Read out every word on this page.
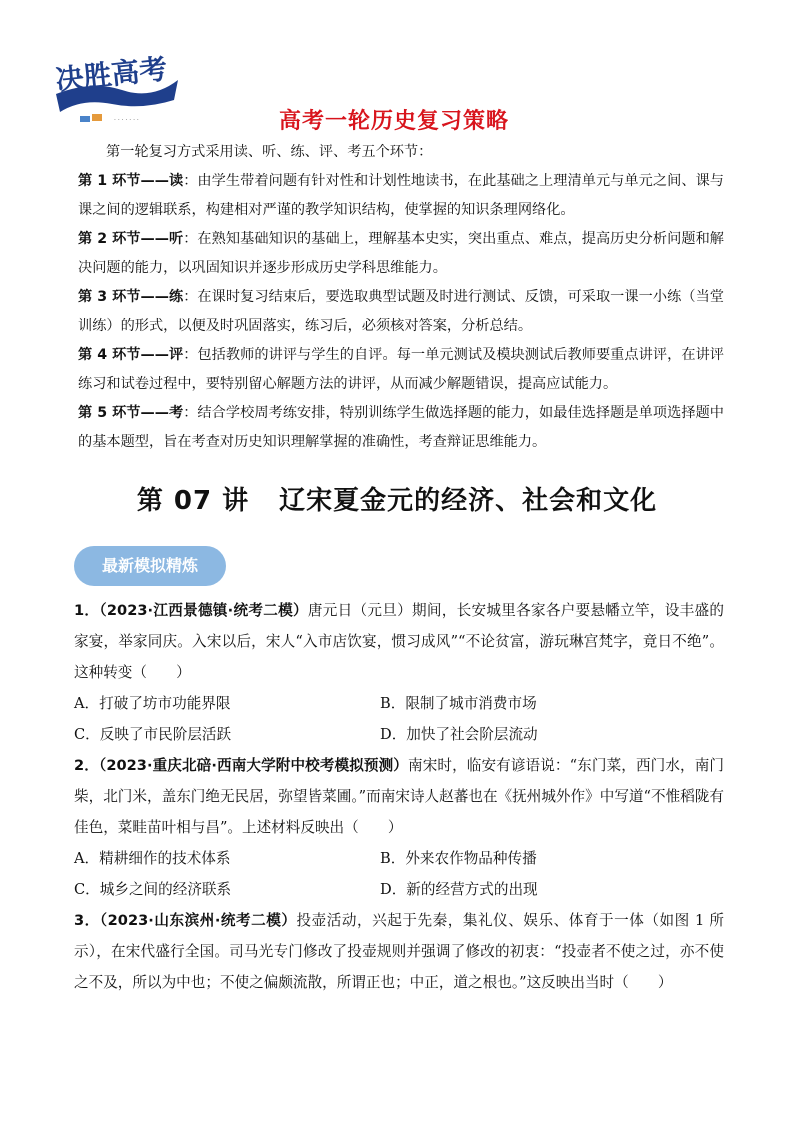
决胜高考
· · · · · · ·	高考一轮历史复习策略

第一轮复习方式采用读、听、练、评、考五个环节：

第 1 环节——读：由学生带着问题有针对性和计划性地读书，在此基础之上理清单元与单元之间、课与课之间的逻辑联系，构建相对严谨的教学知识结构，使掌握的知识条理网络化。

第 2 环节——听：在熟知基础知识的基础上，理解基本史实，突出重点、难点，提高历史分析问题和解决问题的能力，以巩固知识并逐步形成历史学科思维能力。

第 3 环节——练：在课时复习结束后，要选取典型试题及时进行测试、反馈，可采取一课一小练（当堂训练）的形式，以便及时巩固落实，练习后，必须核对答案，分析总结。

第 4 环节——评：包括教师的讲评与学生的自评。每一单元测试及模块测试后教师要重点讲评，在讲评练习和试卷过程中，要特别留心解题方法的讲评，从而减少解题错误，提高应试能力。

第 5 环节——考：结合学校周考练安排，特别训练学生做选择题的能力，如最佳选择题是单项选择题中的基本题型，旨在考查对历史知识理解掌握的准确性，考查辩证思维能力。

第 07 讲 辽宋夏金元的经济、社会和文化
最新模拟精炼

1．（2023·江西景德镇·统考二模）唐元日（元旦）期间，长安城里各家各户要悬幡立竿，设丰盛的家宴，举家同庆。入宋以后，宋人“入市店饮宴，惯习成风”“不论贫富，游玩琳宫梵字，竟日不绝”。这种转变（　　）

A．打破了坊市功能界限	B．限制了城市消费市场
C．反映了市民阶层活跃	D．加快了社会阶层流动

2．（2023·重庆北碚·西南大学附中校考模拟预测）南宋时，临安有谚语说：“东门菜，西门水，南门柴，北门米，盖东门绝无民居，弥望皆菜圃。”而南宋诗人赵蕃也在《抚州城外作》中写道“不惟稻陇有佳色，菜畦苗叶相与昌”。上述材料反映出（　　）

A．精耕细作的技术体系	B．外来农作物品种传播
C．城乡之间的经济联系	D．新的经营方式的出现

3．（2023·山东滨州·统考二模）投壶活动，兴起于先秦，集礼仪、娱乐、体育于一体（如图 1 所示），在宋代盛行全国。司马光专门修改了投壶规则并强调了修改的初衷：“投壶者不使之过，亦不使之不及，所以为中也；不使之偏颇流散，所谓正也；中正，道之根也。”这反映出当时（　　）
